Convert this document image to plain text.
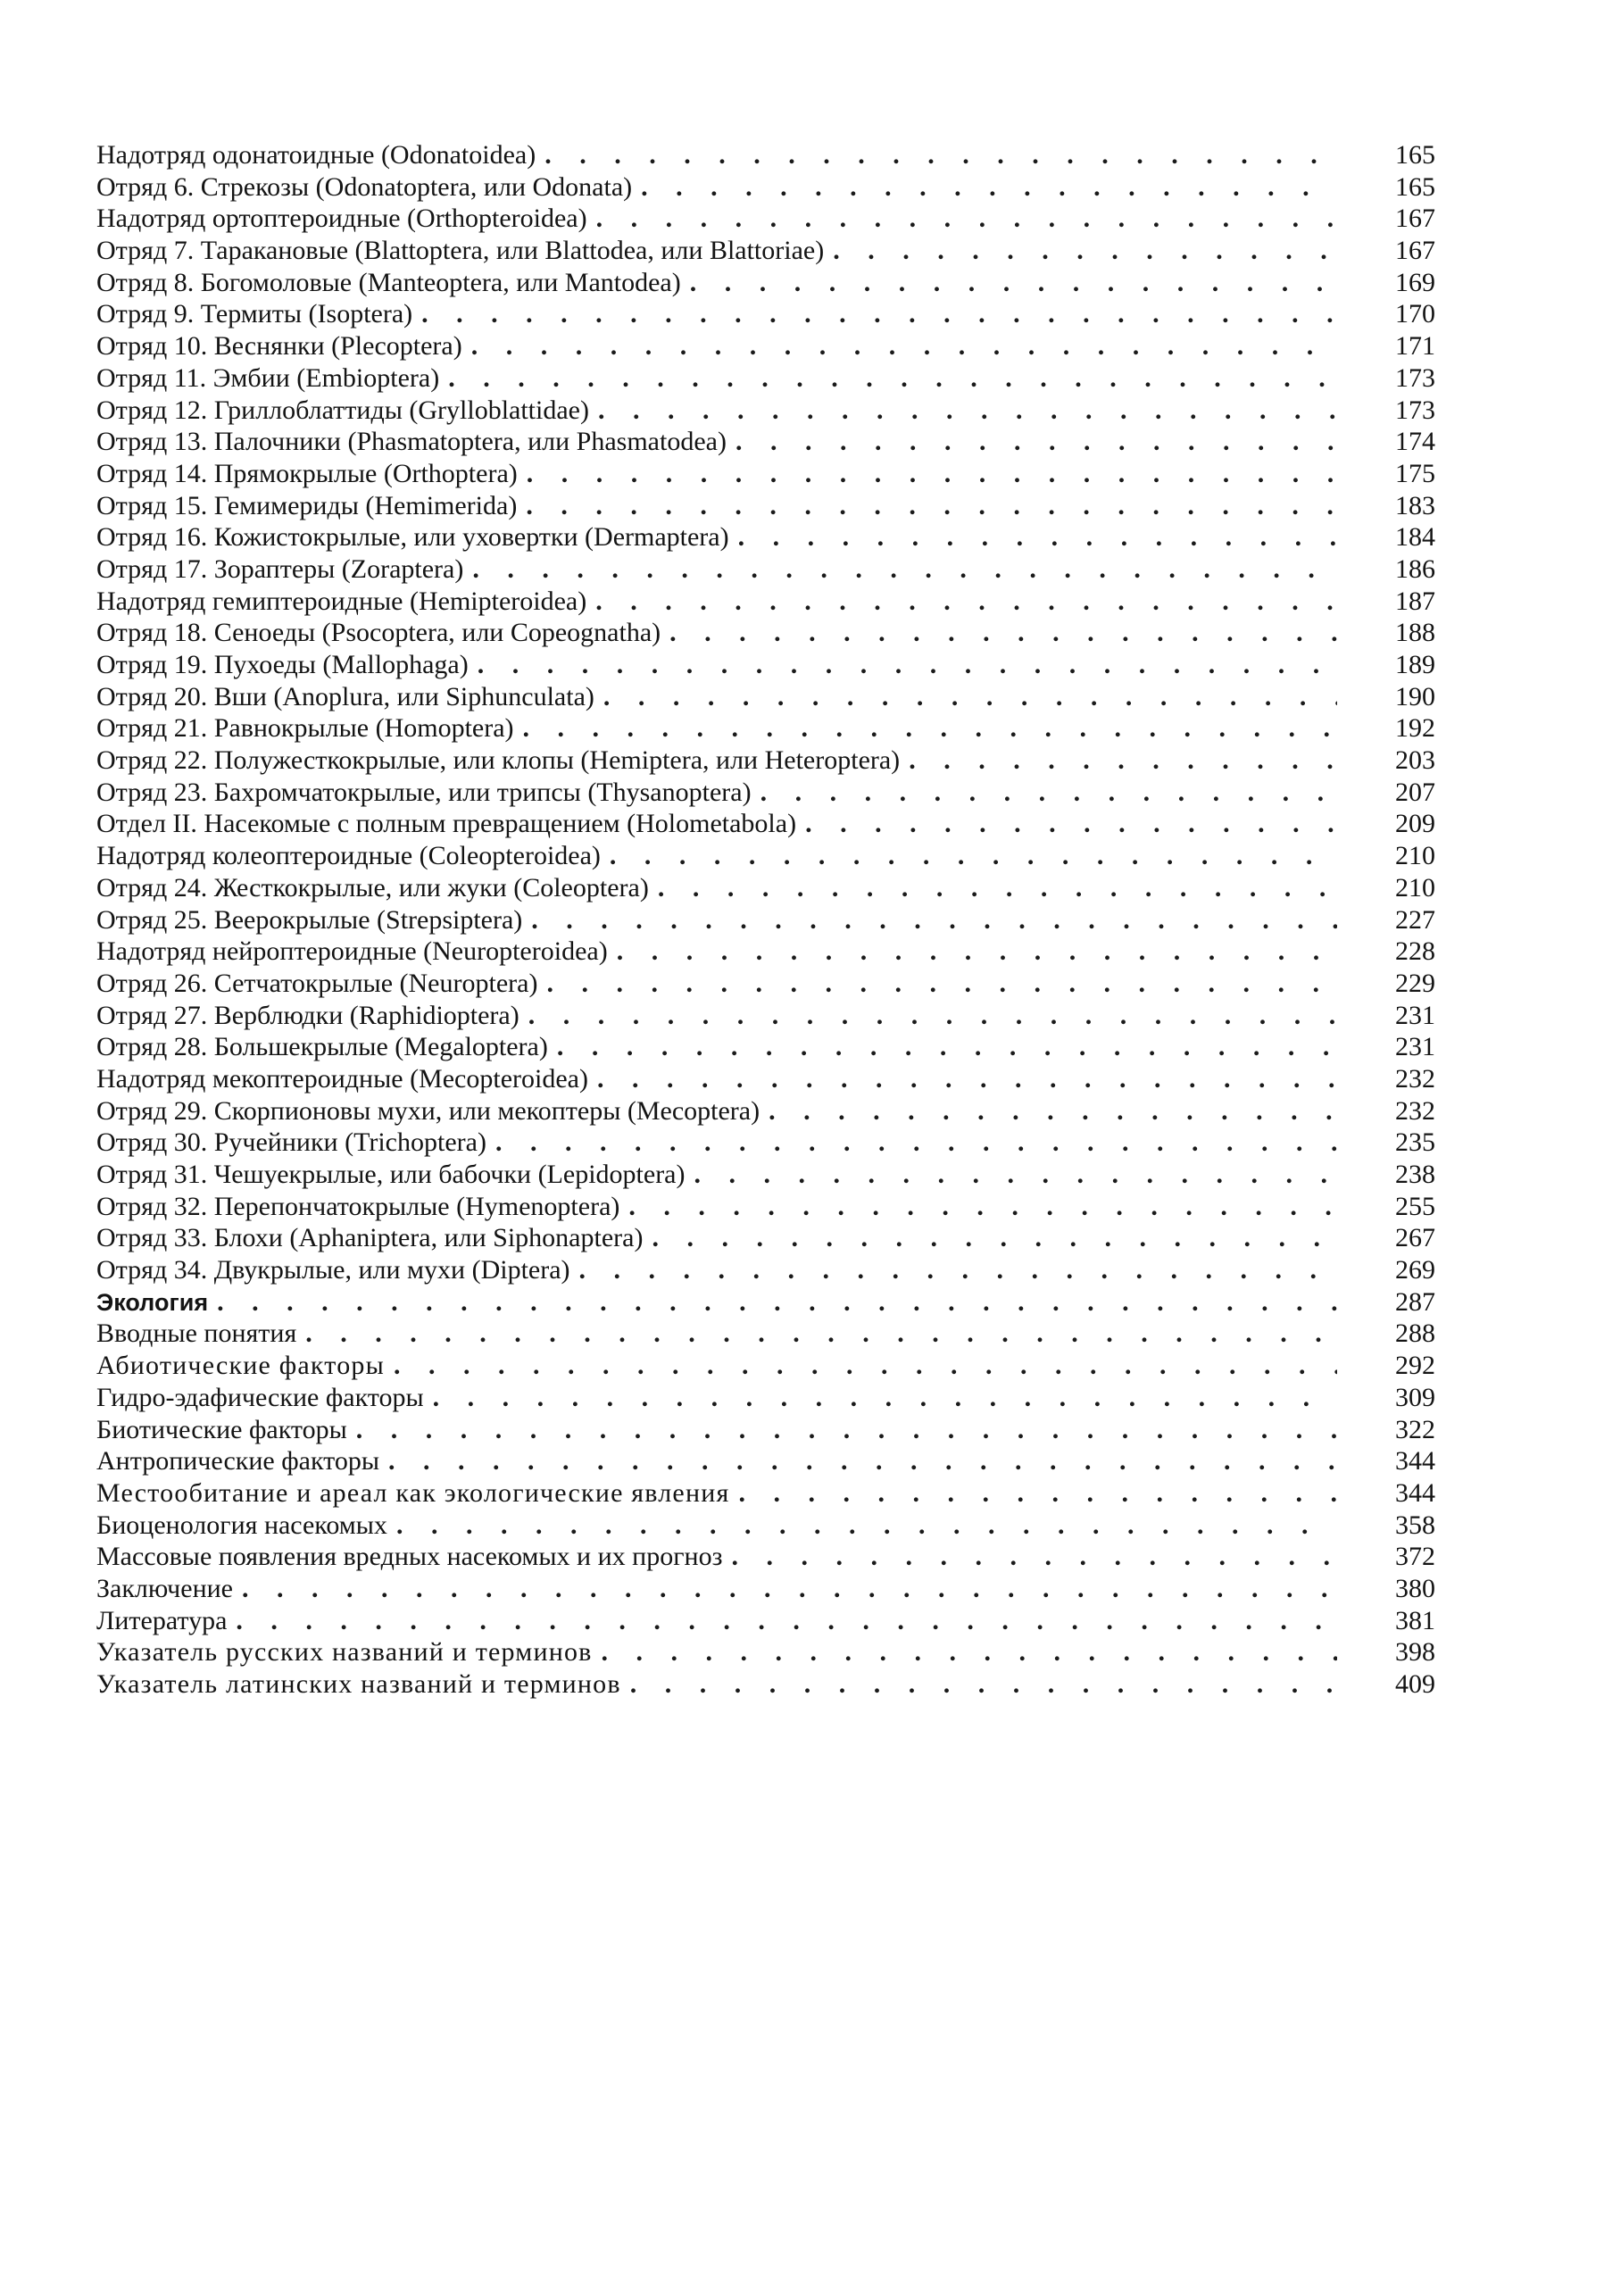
Надотряд одонатоидные (Odonatoidea) . . .	165
Отряд 6. Стрекозы (Odonatoptera, или Odonata) . . .	165
Надотряд ортоптероидные (Orthopteroidea) . . .	167
Отряд 7. Таракановые (Blattoptera, или Blattodea, или Blattoriae) . . .	167
Отряд 8. Богомоловые (Manteoptera, или Mantodea) . . .	169
Отряд 9. Термиты (Isoptera) . . .	170
Отряд 10. Веснянки (Plecoptera) . . .	171
Отряд 11. Эмбии (Embioptera) . . .	173
Отряд 12. Гриллоблаттиды (Grylloblattidae) . . .	173
Отряд 13. Палочники (Phasmatoptera, или Phasmatodea) . . .	174
Отряд 14. Прямокрылые (Orthoptera) . . .	175
Отряд 15. Гемимериды (Hemimerida) . . .	183
Отряд 16. Кожистокрылые, или уховертки (Dermaptera) . . .	184
Отряд 17. Зораптеры (Zoraptera) . . .	186
Надотряд гемиптероидные (Hemipteroidea) . . .	187
Отряд 18. Сеноеды (Psocoptera, или Copeognatha) . . .	188
Отряд 19. Пухоеды (Mallophaga) . . .	189
Отряд 20. Вши (Anoplura, или Siphunculata) . . .	190
Отряд 21. Равнокрылые (Homoptera) . . .	192
Отряд 22. Полужесткокрылые, или клопы (Hemiptera, или Heteroptera) . . .	203
Отряд 23. Бахромчатокрылые, или трипсы (Thysanoptera) . . .	207
Отдел II. Насекомые с полным превращением (Holometabola) . . .	209
Надотряд колеоптероидные (Coleopteroidea) . . .	210
Отряд 24. Жесткокрылые, или жуки (Coleoptera) . . .	210
Отряд 25. Веерокрылые (Strepsiptera) . . .	227
Надотряд нейроптероидные (Neuropteroidea) . . .	228
Отряд 26. Сетчатокрылые (Neuroptera) . . .	229
Отряд 27. Верблюдки (Raphidioptera) . . .	231
Отряд 28. Большекрылые (Megaloptera) . . .	231
Надотряд мекоптероидные (Mecopteroidea) . . .	232
Отряд 29. Скорпионовы мухи, или мекоптеры (Mecoptera) . . .	232
Отряд 30. Ручейники (Trichoptera) . . .	235
Отряд 31. Чешуекрылые, или бабочки (Lepidoptera) . . .	238
Отряд 32. Перепончатокрылые (Hymenoptera) . . .	255
Отряд 33. Блохи (Aphaniptera, или Siphonaptera) . . .	267
Отряд 34. Двукрылые, или мухи (Diptera) . . .	269
Экология . . .	287
Вводные понятия . . .	288
Абиотические факторы . . .	292
Гидро-эдафические факторы . . .	309
Биотические факторы . . .	322
Антропические факторы . . .	344
Местообитание и ареал как экологические явления . . .	344
Биоценология насекомых . . .	358
Массовые появления вредных насекомых и их прогноз . . .	372
Заключение . . .	380
Литература . . .	381
Указатель русских названий и терминов . . .	398
Указатель латинских названий и терминов . . .	409
